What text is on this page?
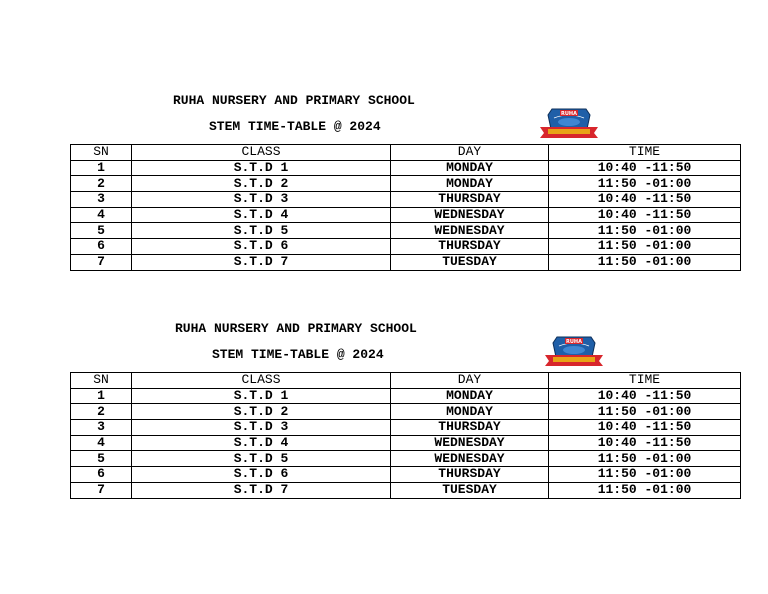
RUHA NURSERY AND PRIMARY SCHOOL
STEM TIME-TABLE @ 2024
RUHA
SN	CLASS	DAY	TIME
1	S.T.D 1	MONDAY	10:40 -11:50
2	S.T.D 2	MONDAY	11:50 -01:00
3	S.T.D 3	THURSDAY	10:40 -11:50
4	S.T.D 4	WEDNESDAY	10:40 -11:50
5	S.T.D 5	WEDNESDAY	11:50 -01:00
6	S.T.D 6	THURSDAY	11:50 -01:00
7	S.T.D 7	TUESDAY	11:50 -01:00
RUHA NURSERY AND PRIMARY SCHOOL
STEM TIME-TABLE @ 2024
RUHA
SN	CLASS	DAY	TIME
1	S.T.D 1	MONDAY	10:40 -11:50
2	S.T.D 2	MONDAY	11:50 -01:00
3	S.T.D 3	THURSDAY	10:40 -11:50
4	S.T.D 4	WEDNESDAY	10:40 -11:50
5	S.T.D 5	WEDNESDAY	11:50 -01:00
6	S.T.D 6	THURSDAY	11:50 -01:00
7	S.T.D 7	TUESDAY	11:50 -01:00
